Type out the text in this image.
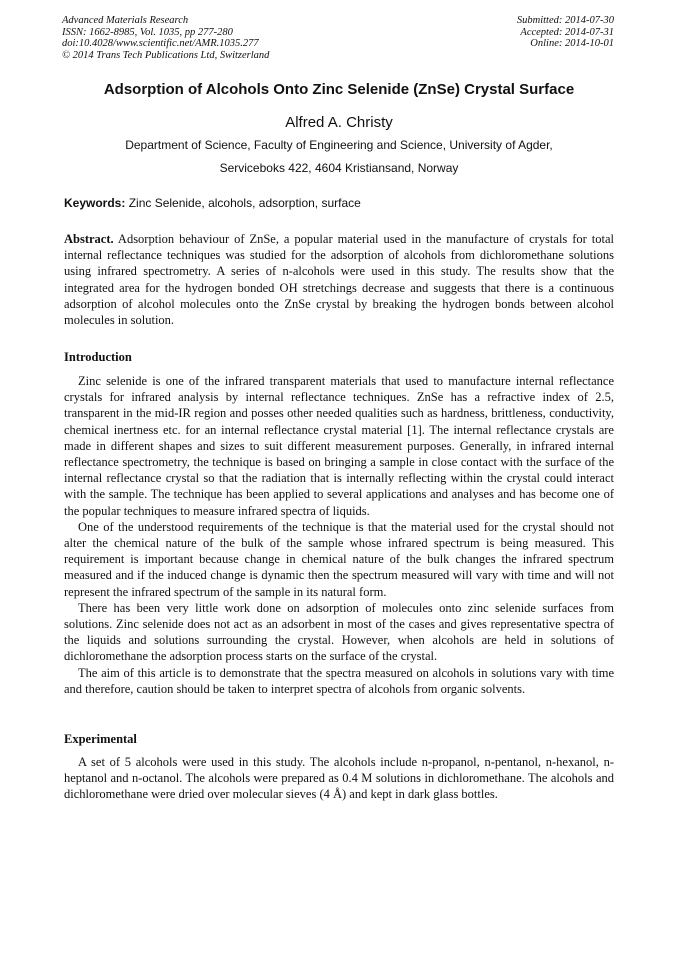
Advanced Materials Research
ISSN: 1662-8985, Vol. 1035, pp 277-280
doi:10.4028/www.scientific.net/AMR.1035.277
© 2014 Trans Tech Publications Ltd, Switzerland
Submitted: 2014-07-30
Accepted: 2014-07-31
Online: 2014-10-01
Adsorption of Alcohols Onto Zinc Selenide (ZnSe) Crystal Surface
Alfred A. Christy
Department of Science, Faculty of Engineering and Science, University of Agder,
Serviceboks 422, 4604 Kristiansand, Norway
Keywords: Zinc Selenide, alcohols, adsorption, surface

Abstract. Adsorption behaviour of ZnSe, a popular material used in the manufacture of crystals for total internal reflectance techniques was studied for the adsorption of alcohols from dichloromethane solutions using infrared spectrometry. A series of n-alcohols were used in this study. The results show that the integrated area for the hydrogen bonded OH stretchings decrease and suggests that there is a continuous adsorption of alcohol molecules onto the ZnSe crystal by breaking the hydrogen bonds between alcohol molecules in solution.

Introduction

Zinc selenide is one of the infrared transparent materials that used to manufacture internal reflectance crystals for infrared analysis by internal reflectance techniques. ZnSe has a refractive index of 2.5, transparent in the mid-IR region and posses other needed qualities such as hardness, brittleness, conductivity, chemical inertness etc. for an internal reflectance crystal material [1]. The internal reflectance crystals are made in different shapes and sizes to suit different measurement purposes. Generally, in infrared internal reflectance spectrometry, the technique is based on bringing a sample in close contact with the surface of the internal reflectance crystal so that the radiation that is internally reflecting within the crystal could interact with the sample. The technique has been applied to several applications and analyses and has become one of the popular techniques to measure infrared spectra of liquids.

One of the understood requirements of the technique is that the material used for the crystal should not alter the chemical nature of the bulk of the sample whose infrared spectrum is being measured. This requirement is important because change in chemical nature of the bulk changes the infrared spectrum measured and if the induced change is dynamic then the spectrum measured will vary with time and will not represent the infrared spectrum of the sample in its natural form.

There has been very little work done on adsorption of molecules onto zinc selenide surfaces from solutions. Zinc selenide does not act as an adsorbent in most of the cases and gives representative spectra of the liquids and solutions surrounding the crystal. However, when alcohols are held in solutions of dichloromethane the adsorption process starts on the surface of the crystal.

The aim of this article is to demonstrate that the spectra measured on alcohols in solutions vary with time and therefore, caution should be taken to interpret spectra of alcohols from organic solvents.

Experimental

A set of 5 alcohols were used in this study. The alcohols include n-propanol, n-pentanol, n-hexanol, n-heptanol and n-octanol. The alcohols were prepared as 0.4 M solutions in dichloromethane. The alcohols and dichloromethane were dried over molecular sieves (4 Å) and kept in dark glass bottles.
